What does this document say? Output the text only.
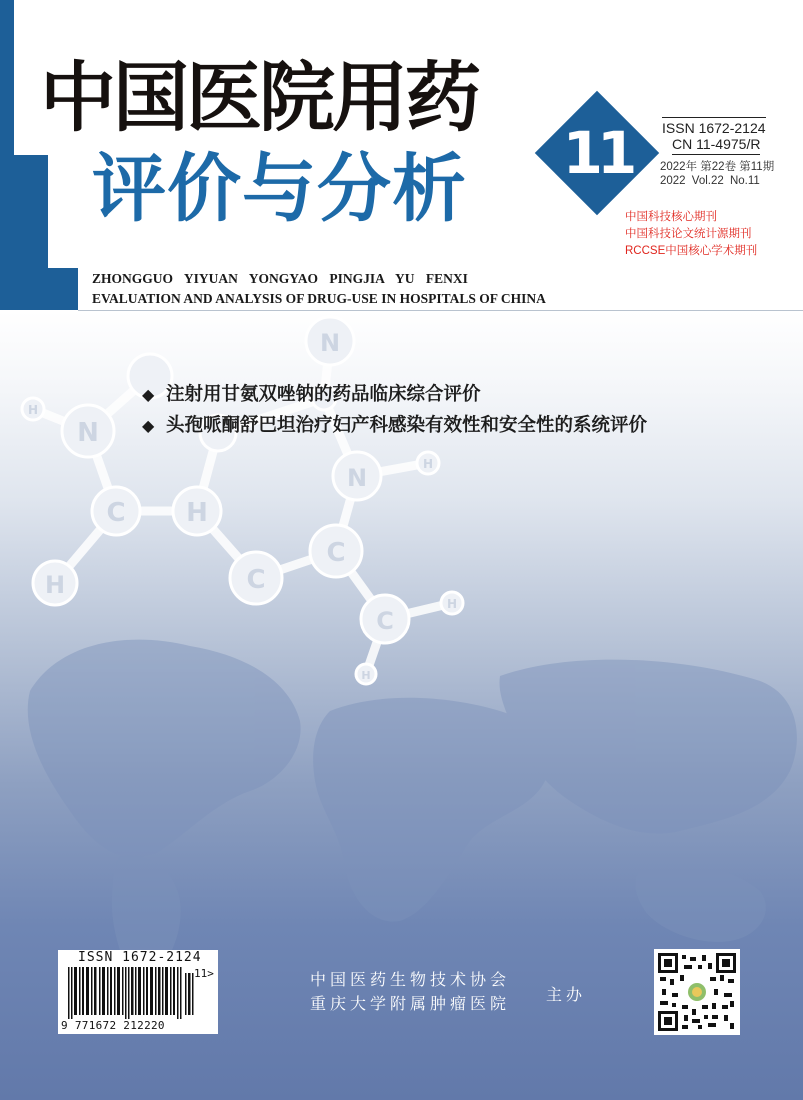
中国医院用药
评价与分析	11	ISSN 1672-2124
CN 11-4975/R
2022年 第22卷 第11期
2022 Vol.22 No.11
中国科技核心期刊
中国科技论文统计源期刊
RCCSE中国核心学术期刊
ZHONGGUO YIYUAN YONGYAO PINGJIA YU FENXI
EVALUATION AND ANALYSIS OF DRUG-USE IN HOSPITALS OF CHINA
H
N
C H
C
H
N
N	H
C
C
H
H
◆ 注射用甘氨双唑钠的药品临床综合评价
◆ 头孢哌酮舒巴坦治疗妇产科感染有效性和安全性的系统评价
ISSN 1672-2124
11>
9 771672 212220
中国医药生物技术协会
重庆大学附属肿瘤医院 主办
